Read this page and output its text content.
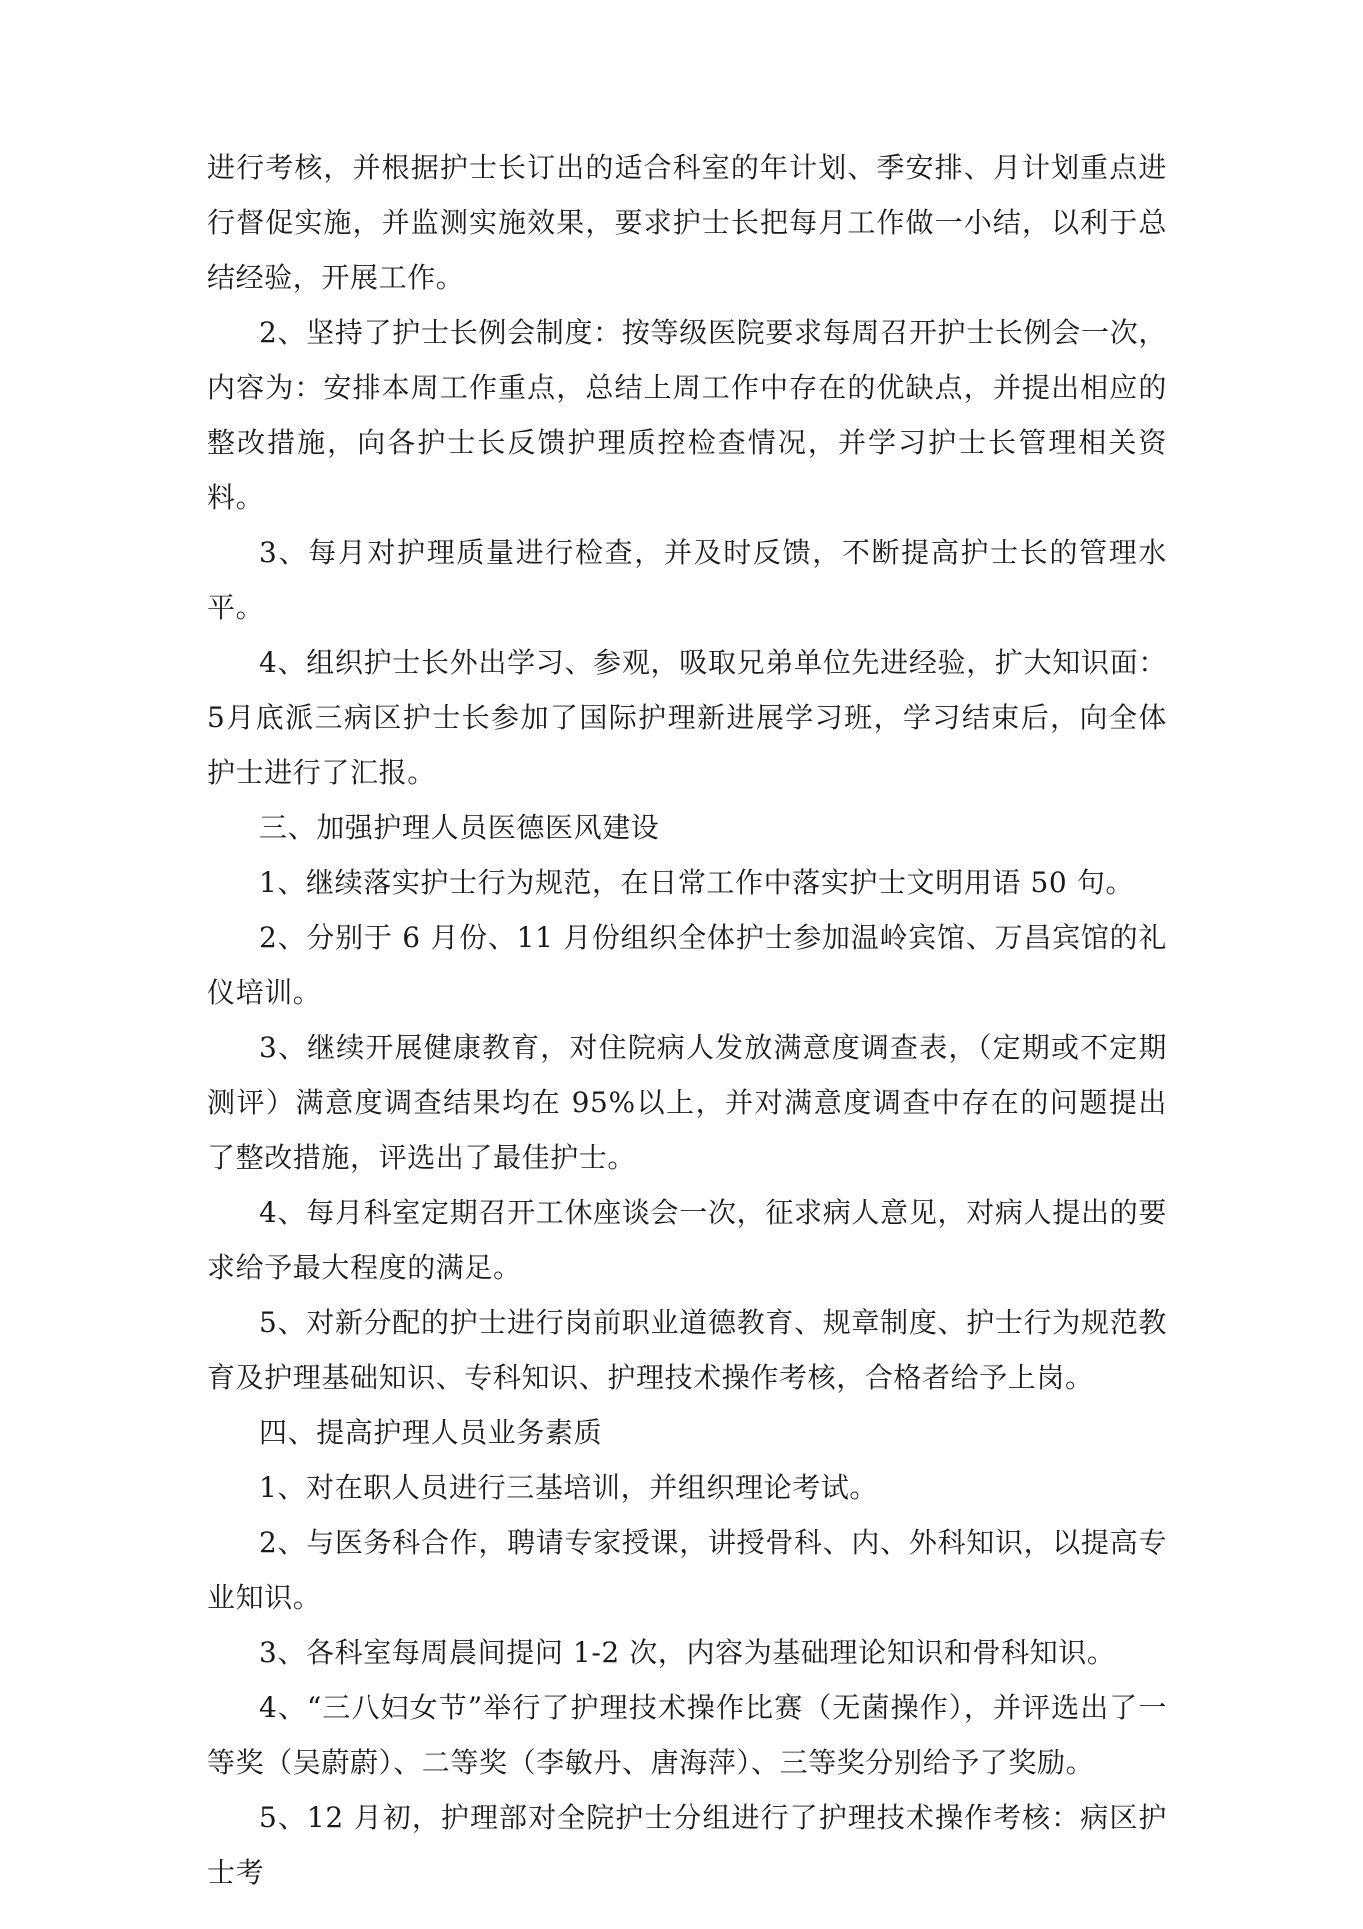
进行考核，并根据护士长订出的适合科室的年计划、季安排、月计划重点进行督促实施，并监测实施效果，要求护士长把每月工作做一小结，以利于总结经验，开展工作。

2、坚持了护士长例会制度：按等级医院要求每周召开护士长例会一次，内容为：安排本周工作重点，总结上周工作中存在的优缺点，并提出相应的整改措施，向各护士长反馈护理质控检查情况，并学习护士长管理相关资料。

3、每月对护理质量进行检查，并及时反馈，不断提高护士长的管理水平。

4、组织护士长外出学习、参观，吸取兄弟单位先进经验，扩大知识面： 5月底派三病区护士长参加了国际护理新进展学习班，学习结束后，向全体护士进行了汇报。

三、加强护理人员医德医风建设

1、继续落实护士行为规范，在日常工作中落实护士文明用语 50 句。

2、分别于 6 月份、11 月份组织全体护士参加温岭宾馆、万昌宾馆的礼仪培训。

3、继续开展健康教育，对住院病人发放满意度调查表，（定期或不定期测评）满意度调查结果均在 95%以上，并对满意度调查中存在的问题提出了整改措施，评选出了最佳护士。

4、每月科室定期召开工休座谈会一次，征求病人意见，对病人提出的要求给予最大程度的满足。

5、对新分配的护士进行岗前职业道德教育、规章制度、护士行为规范教育及护理基础知识、专科知识、护理技术操作考核，合格者给予上岗。

四、提高护理人员业务素质

1、对在职人员进行三基培训，并组织理论考试。

2、与医务科合作，聘请专家授课，讲授骨科、内、外科知识，以提高专业知识。

3、各科室每周晨间提问 1-2 次，内容为基础理论知识和骨科知识。

4、“三八妇女节”举行了护理技术操作比赛（无菌操作），并评选出了一等奖（吴蔚蔚）、二等奖（李敏丹、唐海萍）、三等奖分别给予了奖励。

5、12 月初，护理部对全院护士分组进行了护理技术操作考核：病区护士考
